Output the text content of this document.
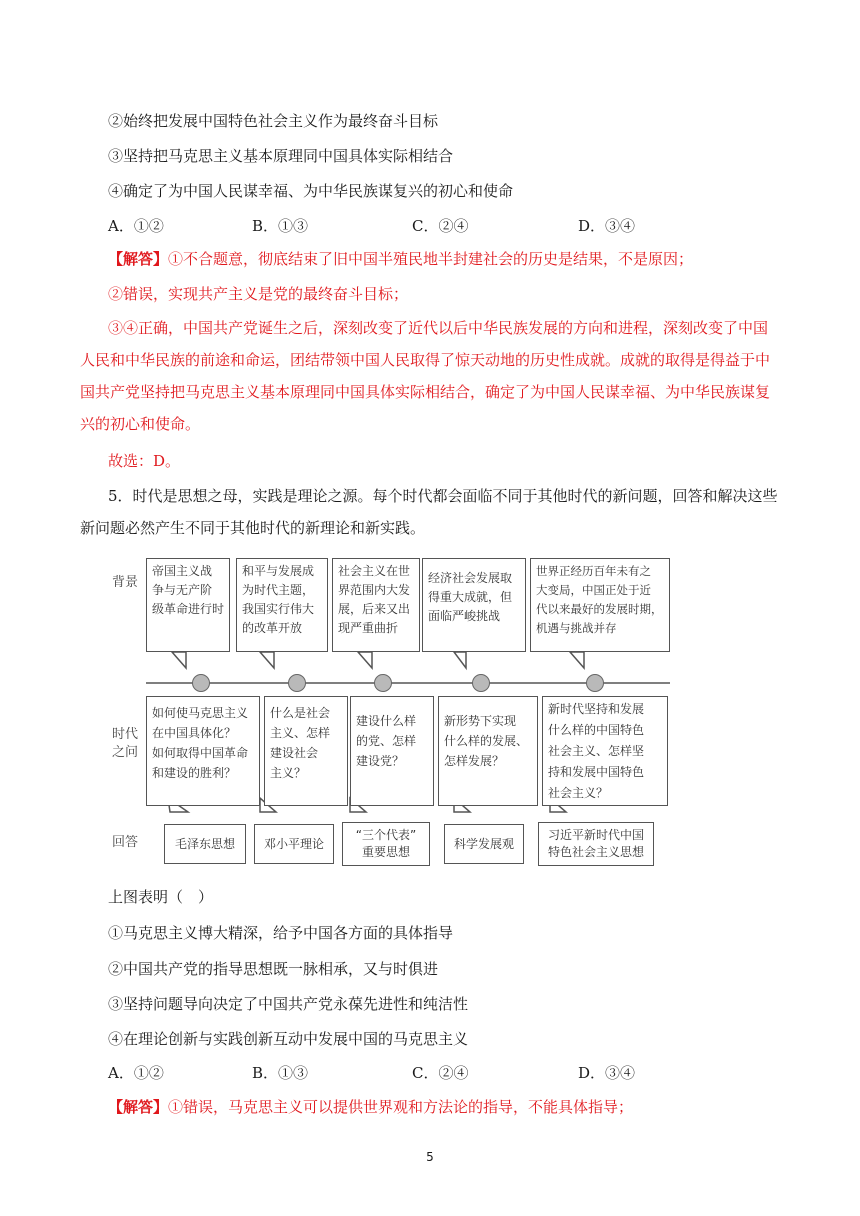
②始终把发展中国特色社会主义作为最终奋斗目标
③坚持把马克思主义基本原理同中国具体实际相结合
④确定了为中国人民谋幸福、为中华民族谋复兴的初心和使命
A．①②	B．①③	C．②④	D．③④
【解答】①不合题意，彻底结束了旧中国半殖民地半封建社会的历史是结果，不是原因；
②错误，实现共产主义是党的最终奋斗目标；
③④正确，中国共产党诞生之后，深刻改变了近代以后中华民族发展的方向和进程，深刻改变了中国
人民和中华民族的前途和命运，团结带领中国人民取得了惊天动地的历史性成就。成就的取得是得益于中
国共产党坚持把马克思主义基本原理同中国具体实际相结合，确定了为中国人民谋幸福、为中华民族谋复
兴的初心和使命。
故选：D。
5．时代是思想之母，实践是理论之源。每个时代都会面临不同于其他时代的新问题，回答和解决这些
新问题必然产生不同于其他时代的新理论和新实践。
背景
时代
之问
回答
帝国主义战
争与无产阶
级革命进行时
和平与发展成
为时代主题，
我国实行伟大
的改革开放
社会主义在世
界范围内大发
展，后来又出
现严重曲折
经济社会发展取
得重大成就，但
面临严峻挑战
世界正经历百年未有之
大变局，中国正处于近
代以来最好的发展时期，
机遇与挑战并存
如何使马克思主义
在中国具体化？
如何取得中国革命
和建设的胜利？
什么是社会
主义、怎样
建设社会
主义？
建设什么样
的党、怎样
建设党？
新形势下实现
什么样的发展、
怎样发展？
新时代坚持和发展
什么样的中国特色
社会主义、怎样坚
持和发展中国特色
社会主义？
毛泽东思想 邓小平理论
“三个代表”
重要思想
科学发展观
习近平新时代中国
特色社会主义思想
上图表明（　）
①马克思主义博大精深，给予中国各方面的具体指导
②中国共产党的指导思想既一脉相承，又与时俱进
③坚持问题导向决定了中国共产党永葆先进性和纯洁性
④在理论创新与实践创新互动中发展中国的马克思主义
A．①②	B．①③	C．②④	D．③④
【解答】①错误，马克思主义可以提供世界观和方法论的指导，不能具体指导；
5
